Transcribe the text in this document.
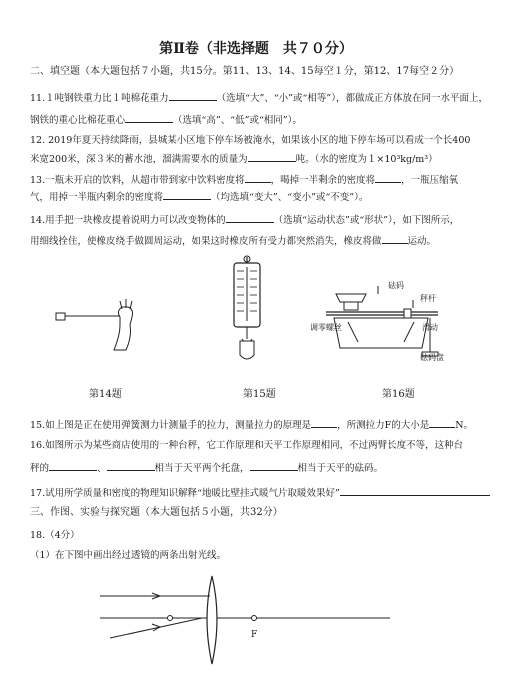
第Ⅱ卷（非选择题　共７０分）
二、填空题（本大题包括７小题，共15分。第11、13、14、15每空１分，第12、17每空２分）
11.１吨钢铁重力比１吨棉花重力	（选填“大”、“小”或“相等”），都做成正方体放在同一水平面上，
钢铁的重心比棉花重心	（选填“高”、“低”或“相同”）。
12. 2019年夏天持续降雨，县城某小区地下停车场被淹水，如果该小区的地下停车场可以看成一个长400
米宽200米，深３米的蓄水池，溜满需要水的质量为	吨。（水的密度为１×10³kg/m³）
13.一瓶未开启的饮料，从超市带到家中饮料密度将	，喝掉一半剩余的密度将	，一瓶压缩氧
气，用掉一半瓶内剩余的密度将	（均选填“变大”、“变小”或“不变”）。
14.用手把一块橡皮提着说明力可以改变物体的	（选填“运动状态”或“形状”），如下图所示，
用细线拴住，使橡皮绕手做圆周运动，如果这时橡皮所有受力都突然消失，橡皮将做	运动。
砝码
秤杆
调零螺丝	滑动
砝码盘
第14题	第15题	第16题
15.如上图是正在使用弹簧测力计测量手的拉力，测量拉力的原理是	，所测拉力F的大小是	N。
16.如图所示为某些商店使用的一种台秤，它工作原理和天平工作原理相同，不过两臂长度不等，这种台
秤的	、	相当于天平两个托盘，	相当于天平的砝码。
17.试用所学质量和密度的物理知识解释“地暖比壁挂式暖气片取暖效果好”
三、作图、实验与探究题（本大题包括５小题，共32分）
18.（4分）
（1）在下图中画出经过透镜的两条出射光线。
F
